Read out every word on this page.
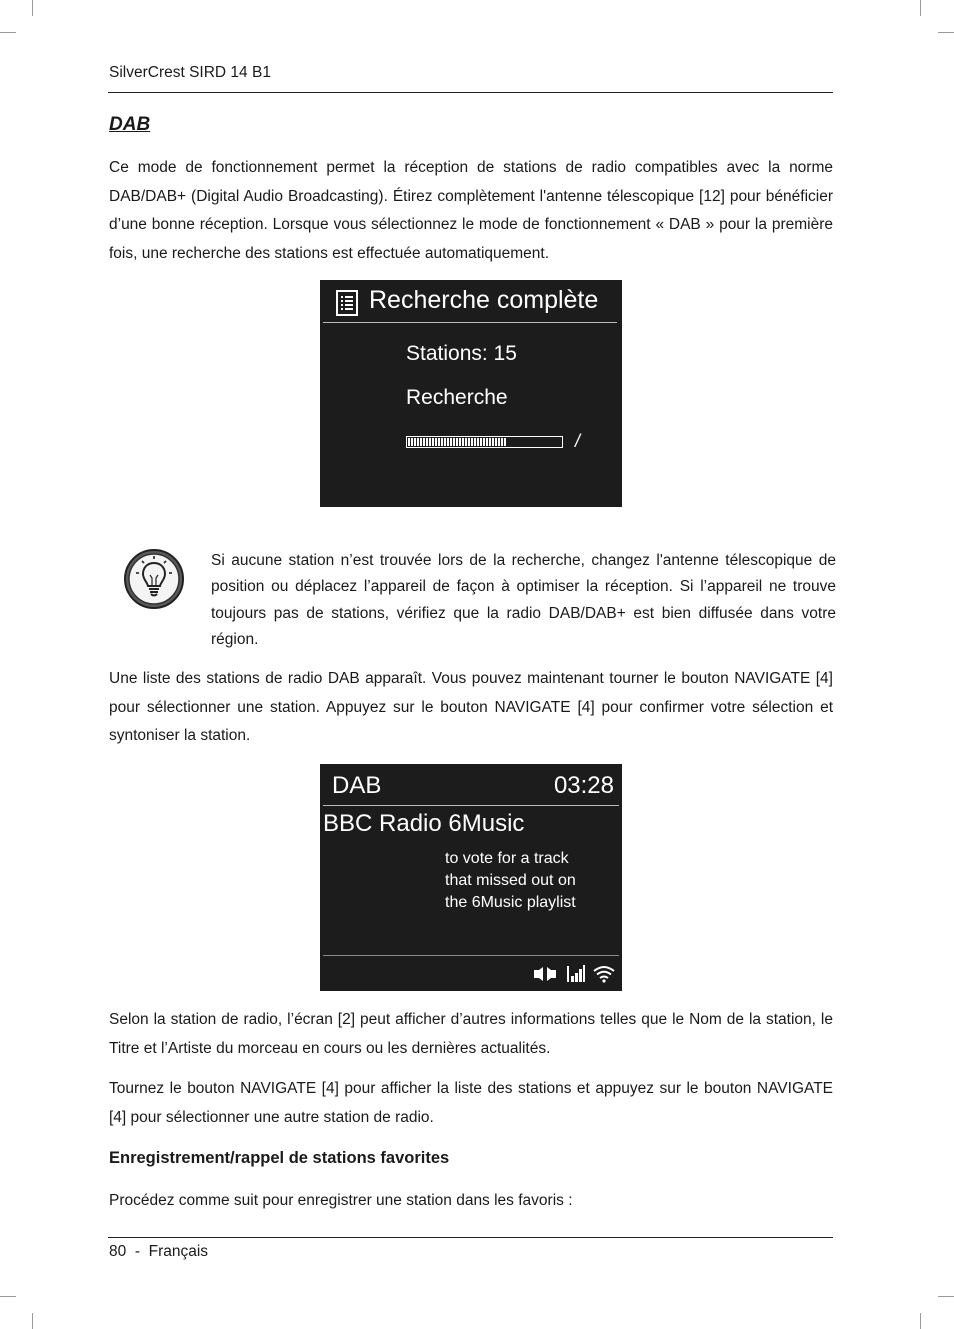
SilverCrest SIRD 14 B1
DAB

Ce mode de fonctionnement permet la réception de stations de radio compatibles avec la norme DAB/DAB+ (Digital Audio Broadcasting). Étirez complètement l'antenne télescopique [12] pour bénéficier d’une bonne réception. Lorsque vous sélectionnez le mode de fonctionnement « DAB » pour la première fois, une recherche des stations est effectuée automatiquement.

Recherche complète
Stations: 15
Recherche
/

Si aucune station n’est trouvée lors de la recherche, changez l'antenne télescopique de position ou déplacez l’appareil de façon à optimiser la réception. Si l’appareil ne trouve toujours pas de stations, vérifiez que la radio DAB/DAB+ est bien diffusée dans votre région.

Une liste des stations de radio DAB apparaît. Vous pouvez maintenant tourner le bouton NAVIGATE [4] pour sélectionner une station. Appuyez sur le bouton NAVIGATE [4] pour confirmer votre sélection et syntoniser la station.

DAB	03:28
BBC Radio 6Music
to vote for a track
that missed out on
the 6Music playlist

Selon la station de radio, l’écran [2] peut afficher d’autres informations telles que le Nom de la station, le Titre et l’Artiste du morceau en cours ou les dernières actualités.

Tournez le bouton NAVIGATE [4] pour afficher la liste des stations et appuyez sur le bouton NAVIGATE [4] pour sélectionner une autre station de radio.

Enregistrement/rappel de stations favorites

Procédez comme suit pour enregistrer une station dans les favoris :

80  -  Français
